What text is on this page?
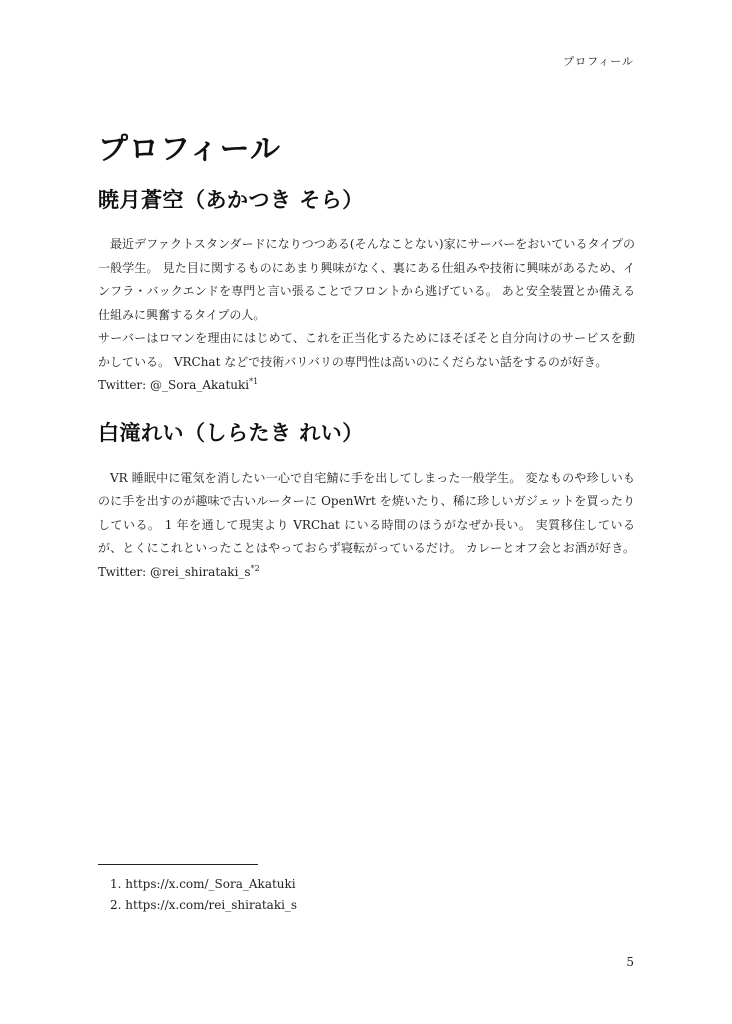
プロフィール
プロフィール
暁月蒼空（あかつき そら）

最近デファクトスタンダードになりつつある(そんなことない)家にサーバーをおいているタイプの一般学生。 見た目に関するものにあまり興味がなく、裏にある仕組みや技術に興味があるため、インフラ・バックエンドを専門と言い張ることでフロントから逃げている。 あと安全装置とか備える仕組みに興奮するタイプの人。

サーバーはロマンを理由にはじめて、これを正当化するためにほそぼそと自分向けのサービスを動かしている。 VRChat などで技術バリバリの専門性は高いのにくだらない話をするのが好き。

Twitter: @_Sora_Akatuki$^{*1}$

白滝れい（しらたき れい）

VR 睡眠中に電気を消したい一心で自宅鯖に手を出してしまった一般学生。 変なものや珍しいものに手を出すのが趣味で古いルーターに OpenWrt を焼いたり、稀に珍しいガジェットを買ったりしている。 1 年を通して現実より VRChat にいる時間のほうがなぜか長い。 実質移住しているが、とくにこれといったことはやっておらず寝転がっているだけ。 カレーとオフ会とお酒が好き。 Twitter: $@rei\_shirataki\_s^{*2}$

1. https://x.com/_Sora_Akatuki
2. https://x.com/rei_shirataki_s
5
